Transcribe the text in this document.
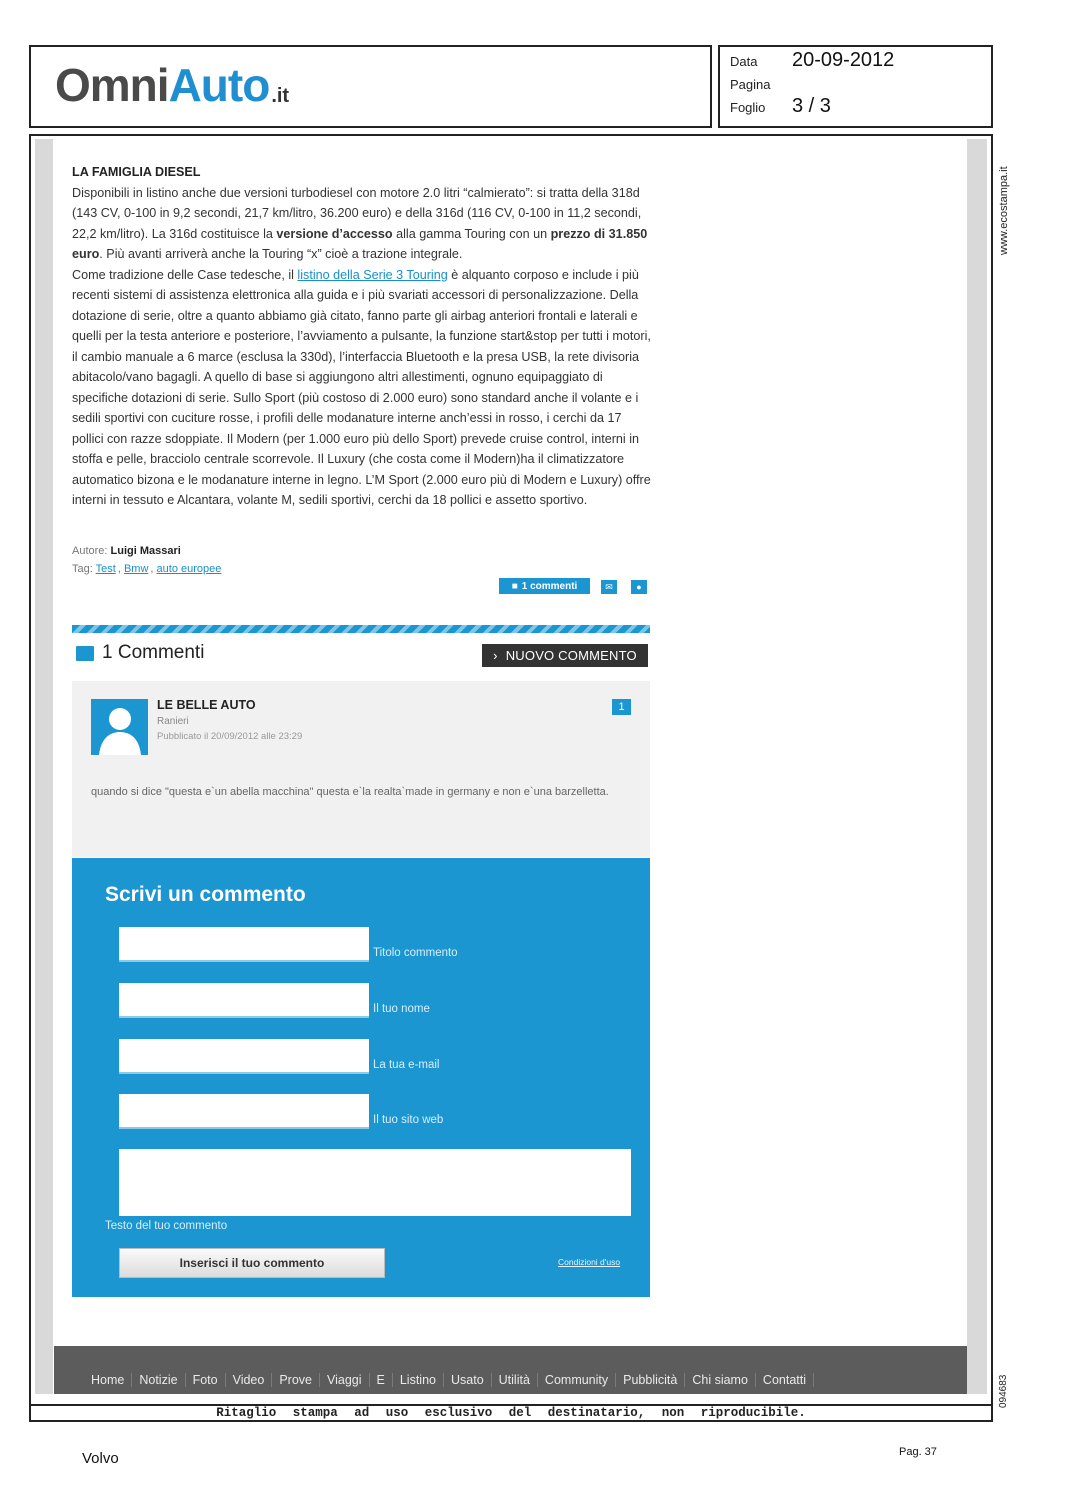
Omni Auto .it
Data 20-09-2012
Pagina
Foglio 3 / 3
www.ecostampa.it
094683
LA FAMIGLIA DIESEL

Disponibili in listino anche due versioni turbodiesel con motore 2.0 litri “calmierato”: si tratta della 318d (143 CV, 0-100 in 9,2 secondi, 21,7 km/litro, 36.200 euro) e della 316d (116 CV, 0-100 in 11,2 secondi, 22,2 km/litro). La 316d costituisce la versione d’accesso alla gamma Touring con un prezzo di 31.850 euro. Più avanti arriverà anche la Touring “x” cioè a trazione integrale.

Come tradizione delle Case tedesche, il listino della Serie 3 Touring è alquanto corposo e include i più recenti sistemi di assistenza elettronica alla guida e i più svariati accessori di personalizzazione. Della dotazione di serie, oltre a quanto abbiamo già citato, fanno parte gli airbag anteriori frontali e laterali e quelli per la testa anteriore e posteriore, l’avviamento a pulsante, la funzione start&stop per tutti i motori, il cambio manuale a 6 marce (esclusa la 330d), l’interfaccia Bluetooth e la presa USB, la rete divisoria abitacolo/vano bagagli. A quello di base si aggiungono altri allestimenti, ognuno equipaggiato di specifiche dotazioni di serie. Sullo Sport (più costoso di 2.000 euro) sono standard anche il volante e i sedili sportivi con cuciture rosse, i profili delle modanature interne anch’essi in rosso, i cerchi da 17 pollici con razze sdoppiate. Il Modern (per 1.000 euro più dello Sport) prevede cruise control, interni in stoffa e pelle, bracciolo centrale scorrevole. Il Luxury (che costa come il Modern)ha il climatizzatore automatico bizona e le modanature interne in legno. L’M Sport (2.000 euro più di Modern e Luxury) offre interni in tessuto e Alcantara, volante M, sedili sportivi, cerchi da 18 pollici e assetto sportivo.

Autore: Luigi Massari
Tag: Test , Bmw , auto europee
■ 1 commenti	✉	●
1 Commenti	› NUOVO COMMENTO
LE BELLE AUTO
Ranieri
Pubblicato il 20/09/2012 alle 23:29
1
quando si dice "questa e`un abella macchina" questa e`la realta`made in germany e non e`una barzelletta.
Scrivi un commento
Titolo commento
Il tuo nome
La tua e-mail
Il tuo sito web
Testo del tuo commento
Inserisci il tuo commento	Condizioni d'uso
Home	Notizie	Foto	Video	Prove	Viaggi	E	Listino	Usato	Utilità	Community	Pubblicità	Chi siamo	Contatti
Ritaglio stampa ad uso esclusivo del destinatario, non riproducibile.
Volvo	Pag. 37
